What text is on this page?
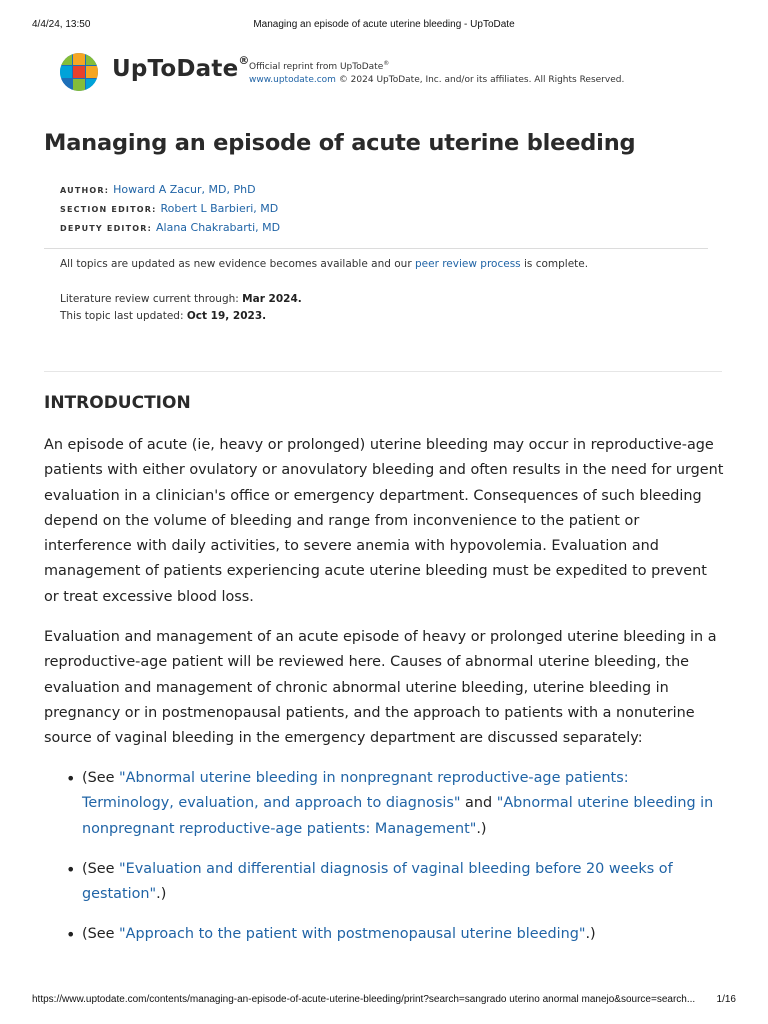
4/4/24, 13:50	Managing an episode of acute uterine bleeding - UpToDate
UpToDate® Official reprint from UpToDate®
www.uptodate.com © 2024 UpToDate, Inc. and/or its affiliates. All Rights Reserved.
Managing an episode of acute uterine bleeding
AUTHOR: Howard A Zacur, MD, PhD
SECTION EDITOR: Robert L Barbieri, MD
DEPUTY EDITOR: Alana Chakrabarti, MD
All topics are updated as new evidence becomes available and our peer review process is complete.
Literature review current through: Mar 2024.
This topic last updated: Oct 19, 2023.
INTRODUCTION

An episode of acute (ie, heavy or prolonged) uterine bleeding may occur in reproductive-age patients with either ovulatory or anovulatory bleeding and often results in the need for urgent evaluation in a clinician's office or emergency department. Consequences of such bleeding depend on the volume of bleeding and range from inconvenience to the patient or interference with daily activities, to severe anemia with hypovolemia. Evaluation and management of patients experiencing acute uterine bleeding must be expedited to prevent or treat excessive blood loss.

Evaluation and management of an acute episode of heavy or prolonged uterine bleeding in a reproductive-age patient will be reviewed here. Causes of abnormal uterine bleeding, the evaluation and management of chronic abnormal uterine bleeding, uterine bleeding in pregnancy or in postmenopausal patients, and the approach to patients with a nonuterine source of vaginal bleeding in the emergency department are discussed separately:

• (See "Abnormal uterine bleeding in nonpregnant reproductive-age patients: Terminology, evaluation, and approach to diagnosis" and "Abnormal uterine bleeding in nonpregnant reproductive-age patients: Management".)
• (See "Evaluation and differential diagnosis of vaginal bleeding before 20 weeks of gestation".)
• (See "Approach to the patient with postmenopausal uterine bleeding".)
https://www.uptodate.com/contents/managing-an-episode-of-acute-uterine-bleeding/print?search=sangrado uterino anormal manejo&source=search...	1/16
